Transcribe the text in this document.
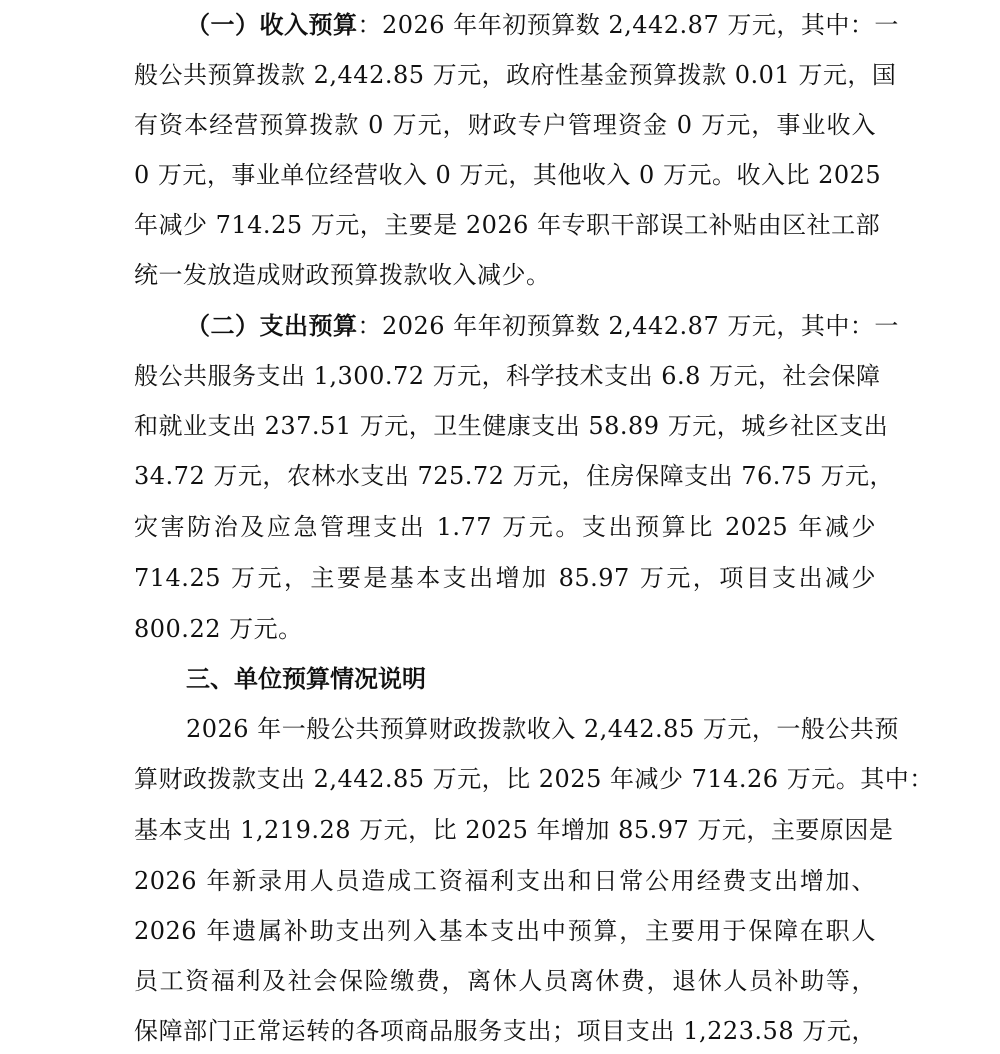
（一）收入预算：2026 年年初预算数 2,442.87 万元，其中：一
般公共预算拨款 2,442.85 万元，政府性基金预算拨款 0.01 万元，国
有资本经营预算拨款 0 万元，财政专户管理资金 0 万元，事业收入
0 万元，事业单位经营收入 0 万元，其他收入 0 万元。收入比 2025
年减少 714.25 万元，主要是 2026 年专职干部误工补贴由区社工部
统一发放造成财政预算拨款收入减少。
（二）支出预算：2026 年年初预算数 2,442.87 万元，其中：一
般公共服务支出 1,300.72 万元，科学技术支出 6.8 万元，社会保障
和就业支出 237.51 万元，卫生健康支出 58.89 万元，城乡社区支出
34.72 万元，农林水支出 725.72 万元，住房保障支出 76.75 万元，
灾害防治及应急管理支出 1.77 万元。支出预算比 2025 年减少
714.25 万元，主要是基本支出增加 85.97 万元，项目支出减少
800.22 万元。
三、单位预算情况说明
2026 年一般公共预算财政拨款收入 2,442.85 万元，一般公共预
算财政拨款支出 2,442.85 万元，比 2025 年减少 714.26 万元。其中：
基本支出 1,219.28 万元，比 2025 年增加 85.97 万元，主要原因是
2026 年新录用人员造成工资福利支出和日常公用经费支出增加、
2026 年遗属补助支出列入基本支出中预算，主要用于保障在职人
员工资福利及社会保险缴费，离休人员离休费，退休人员补助等，
保障部门正常运转的各项商品服务支出；项目支出 1,223.58 万元，
